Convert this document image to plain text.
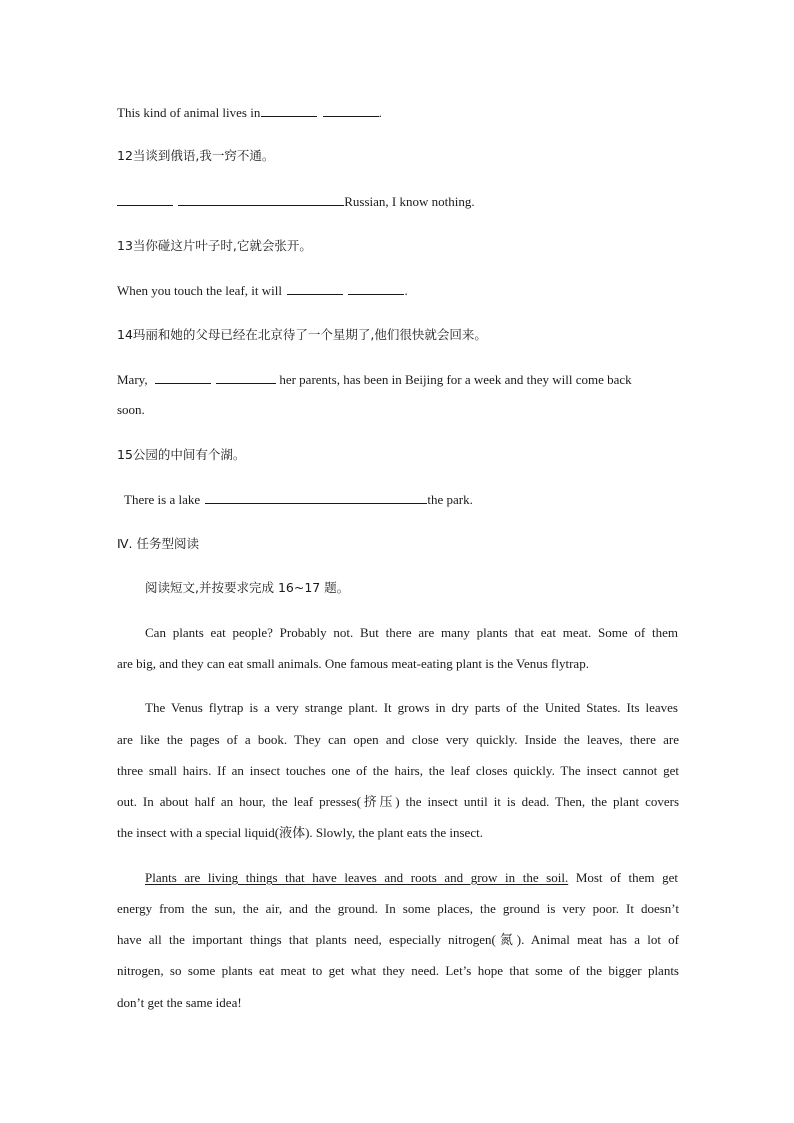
This kind of animal lives in	.
12当谈到俄语,我一窍不通。
Russian, I know nothing.
13当你碰这片叶子时,它就会张开。
When you touch the leaf, it will	.
14玛丽和她的父母已经在北京待了一个星期了,他们很快就会回来。
Mary,	her parents, has been in Beijing for a week and they will come back
soon.
15公园的中间有个湖。
There is a lake	the park.
Ⅳ. 任务型阅读
阅读短文,并按要求完成 16~17 题。
Can plants eat people? Probably not. But there are many plants that eat meat. Some of them
are big, and they can eat small animals. One famous meat-eating plant is the Venus flytrap.
The Venus flytrap is a very strange plant. It grows in dry parts of the United States. Its leaves
are like the pages of a book. They can open and close very quickly. Inside the leaves, there are
three small hairs. If an insect touches one of the hairs, the leaf closes quickly. The insect cannot get
out. In about half an hour, the leaf presses(挤压) the insect until it is dead. Then, the plant covers
the insect with a special liquid(液体). Slowly, the plant eats the insect.
Plants are living things that have leaves and roots and grow in the soil. Most of them get
energy from the sun, the air, and the ground. In some places, the ground is very poor. It doesn’t
have all the important things that plants need, especially nitrogen(氮). Animal meat has a lot of
nitrogen, so some plants eat meat to get what they need. Let’s hope that some of the bigger plants
don’t get the same idea!
